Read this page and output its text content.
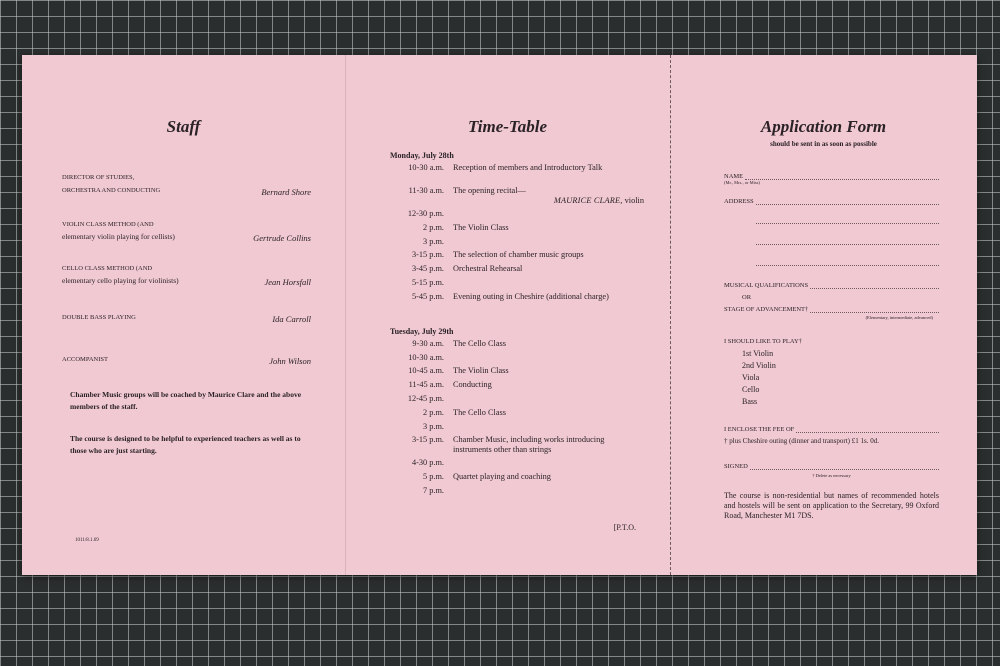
Staff
DIRECTOR OF STUDIES,
ORCHESTRA AND CONDUCTING	Bernard Shore
VIOLIN CLASS METHOD (AND
elementary violin playing for cellists)	Gertrude Collins
CELLO CLASS METHOD (AND
elementary cello playing for violinists)	Jean Horsfall
DOUBLE BASS PLAYING	Ida Carroll
ACCOMPANIST	John Wilson
Chamber Music groups will be coached by Maurice Clare and the above members of the staff.
The course is designed to be helpful to experienced teachers as well as to those who are just starting.
1011/8.1.69
Time-Table
Monday, July 28th
10-30 a.m.	Reception of members and Introductory Talk
11-30 a.m.	The opening recital—
MAURICE CLARE, violin
12-30 p.m.
2 p.m.	The Violin Class
3 p.m.
3-15 p.m.	The selection of chamber music groups
3-45 p.m.	Orchestral Rehearsal
5-15 p.m.
5-45 p.m.	Evening outing in Cheshire (additional charge)
Tuesday, July 29th
9-30 a.m.	The Cello Class
10-30 a.m.
10-45 a.m.	The Violin Class
11-45 a.m.	Conducting
12-45 p.m.
2 p.m.	The Cello Class
3 p.m.
3-15 p.m.	Chamber Music, including works introducing instruments other than strings
4-30 p.m.
5 p.m.	Quartet playing and coaching
7 p.m.
[P.T.O.
Application Form
should be sent in as soon as possible
NAME
(Mr., Mrs., or Miss)
ADDRESS
MUSICAL QUALIFICATIONS
OR
STAGE OF ADVANCEMENT†
(Elementary, intermediate, advanced)
I SHOULD LIKE TO PLAY†
1st Violin
2nd Violin
Viola
Cello
Bass
I ENCLOSE THE FEE OF
† plus Cheshire outing (dinner and transport) £1 1s. 0d.
SIGNED
† Delete as necessary
The course is non-residential but names of recommended hotels and hostels will be sent on application to the Secretary, 99 Oxford Road, Manchester M1 7DS.
